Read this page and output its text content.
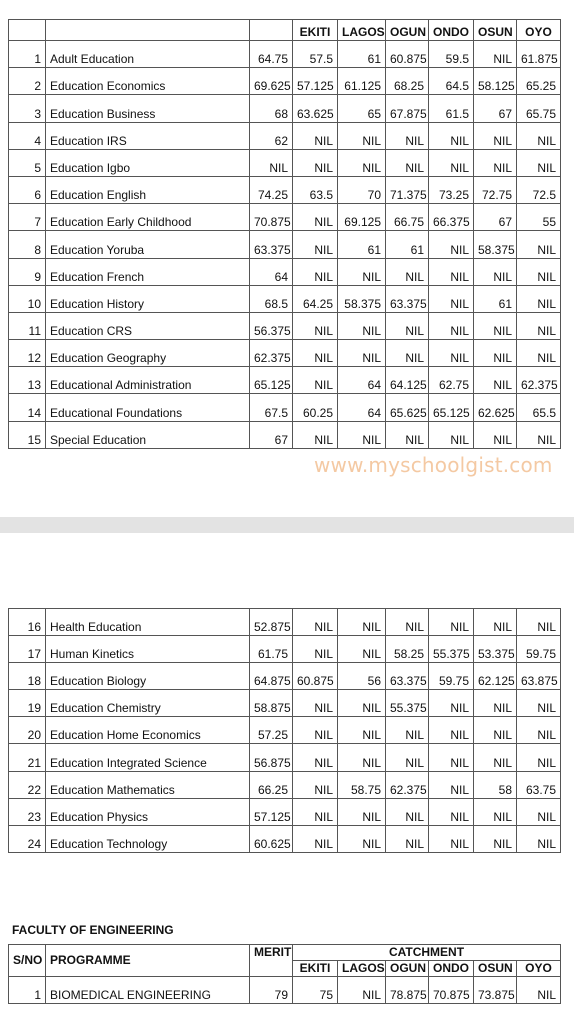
			EKITI	LAGOS	OGUN	ONDO	OSUN	OYO
1	Adult Education	64.75	57.5	61	60.875	59.5	NIL	61.875
2	Education Economics	69.625	57.125	61.125	68.25	64.5	58.125	65.25
3	Education Business	68	63.625	65	67.875	61.5	67	65.75
4	Education IRS	62	NIL	NIL	NIL	NIL	NIL	NIL
5	Education Igbo	NIL	NIL	NIL	NIL	NIL	NIL	NIL
6	Education English	74.25	63.5	70	71.375	73.25	72.75	72.5
7	Education Early Childhood	70.875	NIL	69.125	66.75	66.375	67	55
8	Education Yoruba	63.375	NIL	61	61	NIL	58.375	NIL
9	Education French	64	NIL	NIL	NIL	NIL	NIL	NIL
10	Education History	68.5	64.25	58.375	63.375	NIL	61	NIL
11	Education CRS	56.375	NIL	NIL	NIL	NIL	NIL	NIL
12	Education Geography	62.375	NIL	NIL	NIL	NIL	NIL	NIL
13	Educational Administration	65.125	NIL	64	64.125	62.75	NIL	62.375
14	Educational Foundations	67.5	60.25	64	65.625	65.125	62.625	65.5
15	Special Education	67	NIL	NIL	NIL	NIL	NIL	NIL
www.myschoolgist.com
16	Health Education	52.875	NIL	NIL	NIL	NIL	NIL	NIL
17	Human Kinetics	61.75	NIL	NIL	58.25	55.375	53.375	59.75
18	Education Biology	64.875	60.875	56	63.375	59.75	62.125	63.875
19	Education Chemistry	58.875	NIL	NIL	55.375	NIL	NIL	NIL
20	Education Home Economics	57.25	NIL	NIL	NIL	NIL	NIL	NIL
21	Education Integrated Science	56.875	NIL	NIL	NIL	NIL	NIL	NIL
22	Education Mathematics	66.25	NIL	58.75	62.375	NIL	58	63.75
23	Education Physics	57.125	NIL	NIL	NIL	NIL	NIL	NIL
24	Education Technology	60.625	NIL	NIL	NIL	NIL	NIL	NIL
FACULTY OF ENGINEERING
S/NO	PROGRAMME	MERIT	CATCHMENT					
			EKITI	LAGOS	OGUN	ONDO	OSUN	OYO
1	BIOMEDICAL ENGINEERING	79	75	NIL	78.875	70.875	73.875	NIL
